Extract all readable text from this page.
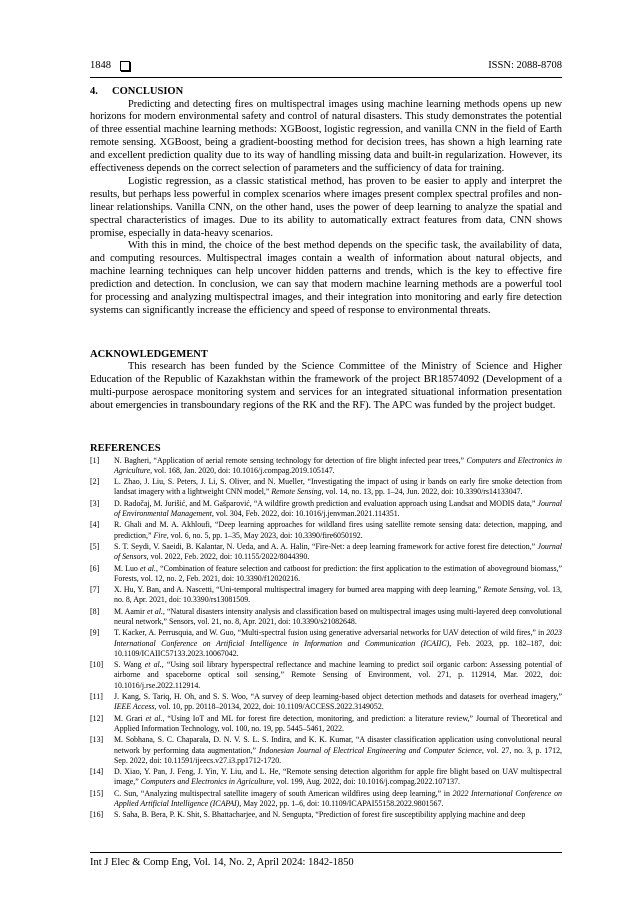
1848	ISSN: 2088-8708
4. CONCLUSION

Predicting and detecting fires on multispectral images using machine learning methods opens up new horizons for modern environmental safety and control of natural disasters. This study demonstrates the potential of three essential machine learning methods: XGBoost, logistic regression, and vanilla CNN in the field of Earth remote sensing. XGBoost, being a gradient-boosting method for decision trees, has shown a high learning rate and excellent prediction quality due to its way of handling missing data and built-in regularization. However, its effectiveness depends on the correct selection of parameters and the sufficiency of data for training.

Logistic regression, as a classic statistical method, has proven to be easier to apply and interpret the results, but perhaps less powerful in complex scenarios where images present complex spectral profiles and non-linear relationships. Vanilla CNN, on the other hand, uses the power of deep learning to analyze the spatial and spectral characteristics of images. Due to its ability to automatically extract features from data, CNN shows promise, especially in data-heavy scenarios.

With this in mind, the choice of the best method depends on the specific task, the availability of data, and computing resources. Multispectral images contain a wealth of information about natural objects, and machine learning techniques can help uncover hidden patterns and trends, which is the key to effective fire prediction and detection. In conclusion, we can say that modern machine learning methods are a powerful tool for processing and analyzing multispectral images, and their integration into monitoring and early fire detection systems can significantly increase the efficiency and speed of response to environmental threats.

ACKNOWLEDGEMENT

This research has been funded by the Science Committee of the Ministry of Science and Higher Education of the Republic of Kazakhstan within the framework of the project BR18574092 (Development of a multi-purpose aerospace monitoring system and services for an integrated situational information presentation about emergencies in transboundary regions of the RK and the RF). The APC was funded by the project budget.

REFERENCES
[1] N. Bagheri, “Application of aerial remote sensing technology for detection of fire blight infected pear trees,” Computers and Electronics in Agriculture, vol. 168, Jan. 2020, doi: 10.1016/j.compag.2019.105147.
[2] L. Zhao, J. Liu, S. Peters, J. Li, S. Oliver, and N. Mueller, “Investigating the impact of using ir bands on early fire smoke detection from landsat imagery with a lightweight CNN model,” Remote Sensing, vol. 14, no. 13, pp. 1–24, Jun. 2022, doi: 10.3390/rs14133047.
[3] D. Radočaj, M. Jurišić, and M. Gašparović, “A wildfire growth prediction and evaluation approach using Landsat and MODIS data,” Journal of Environmental Management, vol. 304, Feb. 2022, doi: 10.1016/j.jenvman.2021.114351.
[4] R. Ghali and M. A. Akhloufi, “Deep learning approaches for wildland fires using satellite remote sensing data: detection, mapping, and prediction,” Fire, vol. 6, no. 5, pp. 1–35, May 2023, doi: 10.3390/fire6050192.
[5] S. T. Seydi, V. Saeidi, B. Kalantar, N. Ueda, and A. A. Halin, “Fire-Net: a deep learning framework for active forest fire detection,” Journal of Sensors, vol. 2022, Feb. 2022, doi: 10.1155/2022/8044390.
[6] M. Luo et al., “Combination of feature selection and catboost for prediction: the first application to the estimation of aboveground biomass,” Forests, vol. 12, no. 2, Feb. 2021, doi: 10.3390/f12020216.
[7] X. Hu, Y. Ban, and A. Nascetti, “Uni-temporal multispectral imagery for burned area mapping with deep learning,” Remote Sensing, vol. 13, no. 8, Apr. 2021, doi: 10.3390/rs13081509.
[8] M. Aamir et al., “Natural disasters intensity analysis and classification based on multispectral images using multi-layered deep convolutional neural network,” Sensors, vol. 21, no. 8, Apr. 2021, doi: 10.3390/s21082648.
[9] T. Kacker, A. Perrusquia, and W. Guo, “Multi-spectral fusion using generative adversarial networks for UAV detection of wild fires,” in 2023 International Conference on Artificial Intelligence in Information and Communication (ICAIIC), Feb. 2023, pp. 182–187, doi: 10.1109/ICAIIC57133.2023.10067042.
[10] S. Wang et al., “Using soil library hyperspectral reflectance and machine learning to predict soil organic carbon: Assessing potential of airborne and spaceborne optical soil sensing,” Remote Sensing of Environment, vol. 271, p. 112914, Mar. 2022, doi: 10.1016/j.rse.2022.112914.
[11] J. Kang, S. Tariq, H. Oh, and S. S. Woo, “A survey of deep learning-based object detection methods and datasets for overhead imagery,” IEEE Access, vol. 10, pp. 20118–20134, 2022, doi: 10.1109/ACCESS.2022.3149052.
[12] M. Grari et al., “Using IoT and ML for forest fire detection, monitoring, and prediction: a literature review,” Journal of Theoretical and Applied Information Technology, vol. 100, no. 19, pp. 5445–5461, 2022.
[13] M. Sobhana, S. C. Chaparala, D. N. V. S. L. S. Indira, and K. K. Kumar, “A disaster classification application using convolutional neural network by performing data augmentation,” Indonesian Journal of Electrical Engineering and Computer Science, vol. 27, no. 3, p. 1712, Sep. 2022, doi: 10.11591/ijeecs.v27.i3.pp1712-1720.
[14] D. Xiao, Y. Pan, J. Feng, J. Yin, Y. Liu, and L. He, “Remote sensing detection algorithm for apple fire blight based on UAV multispectral image,” Computers and Electronics in Agriculture, vol. 199, Aug. 2022, doi: 10.1016/j.compag.2022.107137.
[15] C. Sun, “Analyzing multispectral satellite imagery of south American wildfires using deep learning,” in 2022 International Conference on Applied Artificial Intelligence (ICAPAI), May 2022, pp. 1–6, doi: 10.1109/ICAPAI55158.2022.9801567.
[16] S. Saha, B. Bera, P. K. Shit, S. Bhattacharjee, and N. Sengupta, “Prediction of forest fire susceptibility applying machine and deep
Int J Elec & Comp Eng, Vol. 14, No. 2, April 2024: 1842-1850
